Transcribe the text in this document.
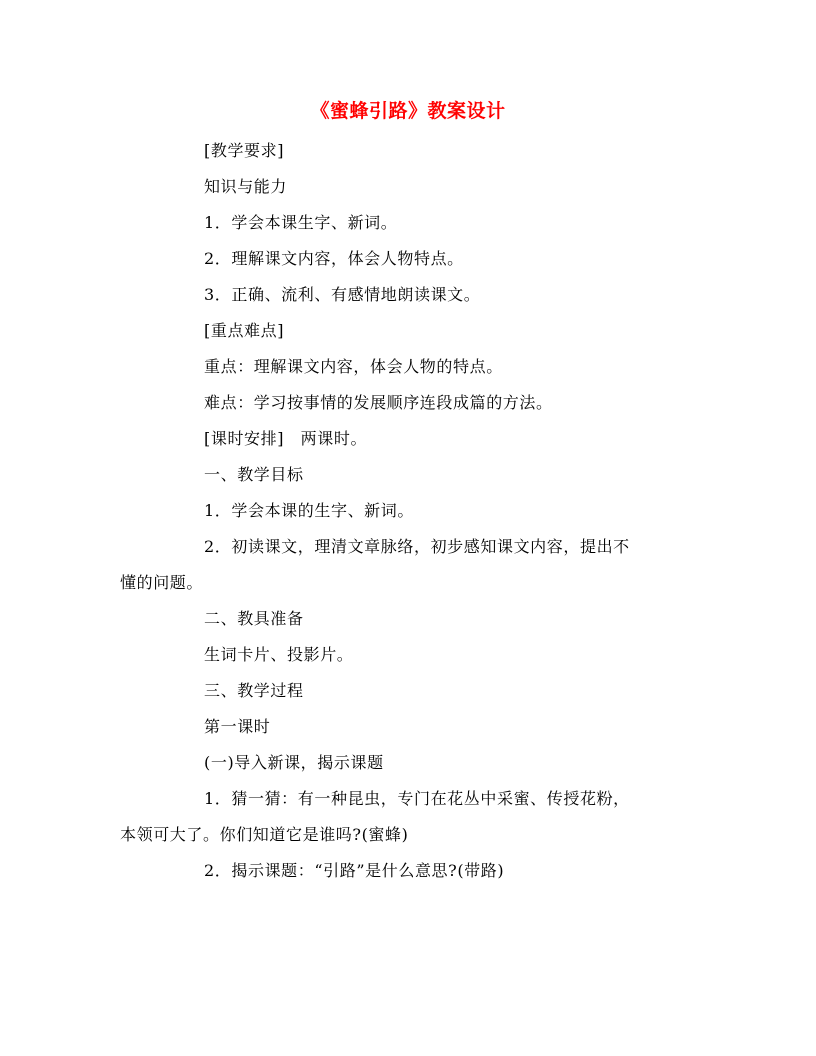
《蜜蜂引路》教案设计
[教学要求]
知识与能力
1．学会本课生字、新词。
2．理解课文内容，体会人物特点。
3．正确、流利、有感情地朗读课文。
[重点难点]
重点：理解课文内容，体会人物的特点。
难点：学习按事情的发展顺序连段成篇的方法。
[课时安排]　两课时。
一、教学目标
1．学会本课的生字、新词。
2．初读课文，理清文章脉络，初步感知课文内容，提出不
懂的问题。
二、教具准备
生词卡片、投影片。
三、教学过程
第一课时
(一)导入新课，揭示课题
1．猜一猜：有一种昆虫，专门在花丛中采蜜、传授花粉，
本领可大了。你们知道它是谁吗?(蜜蜂)
2．揭示课题：“引路”是什么意思?(带路)
